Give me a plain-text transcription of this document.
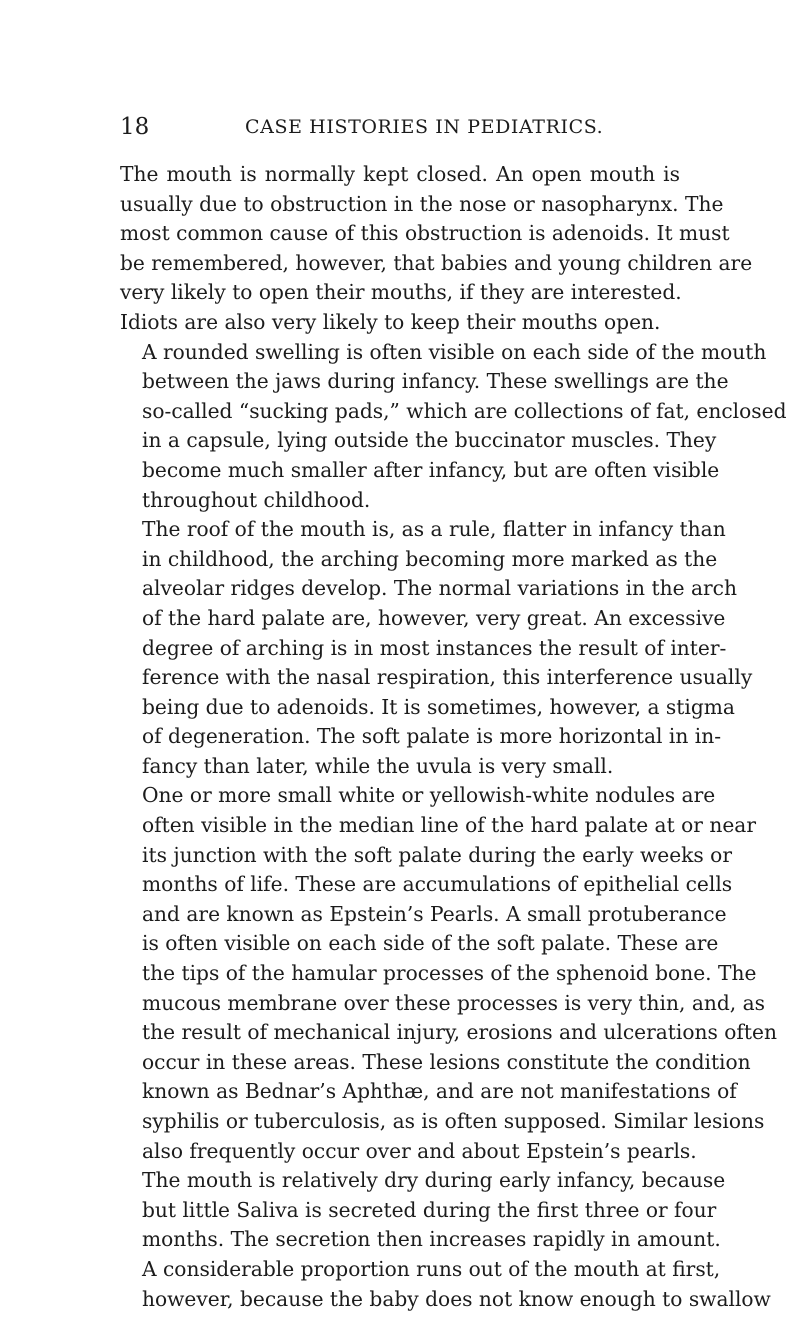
18	CASE HISTORIES IN PEDIATRICS.

The mouth is normally kept closed. An open mouth is
usually due to obstruction in the nose or nasopharynx. The
most common cause of this obstruction is adenoids. It must
be remembered, however, that babies and young children are
very likely to open their mouths, if they are interested.
Idiots are also very likely to keep their mouths open.

A rounded swelling is often visible on each side of the mouth
between the jaws during infancy. These swellings are the
so-called “sucking pads,” which are collections of fat, enclosed
in a capsule, lying outside the buccinator muscles. They
become much smaller after infancy, but are often visible
throughout childhood.

The roof of the mouth is, as a rule, flatter in infancy than
in childhood, the arching becoming more marked as the
alveolar ridges develop. The normal variations in the arch
of the hard palate are, however, very great. An excessive
degree of arching is in most instances the result of inter-
ference with the nasal respiration, this interference usually
being due to adenoids. It is sometimes, however, a stigma
of degeneration. The soft palate is more horizontal in in-
fancy than later, while the uvula is very small.

One or more small white or yellowish-white nodules are
often visible in the median line of the hard palate at or near
its junction with the soft palate during the early weeks or
months of life. These are accumulations of epithelial cells
and are known as Epstein’s Pearls. A small protuberance
is often visible on each side of the soft palate. These are
the tips of the hamular processes of the sphenoid bone. The
mucous membrane over these processes is very thin, and, as
the result of mechanical injury, erosions and ulcerations often
occur in these areas. These lesions constitute the condition
known as Bednar’s Aphthæ, and are not manifestations of
syphilis or tuberculosis, as is often supposed. Similar lesions
also frequently occur over and about Epstein’s pearls.

The mouth is relatively dry during early infancy, because
but little Saliva is secreted during the first three or four
months. The secretion then increases rapidly in amount.
A considerable proportion runs out of the mouth at first,
however, because the baby does not know enough to swallow
